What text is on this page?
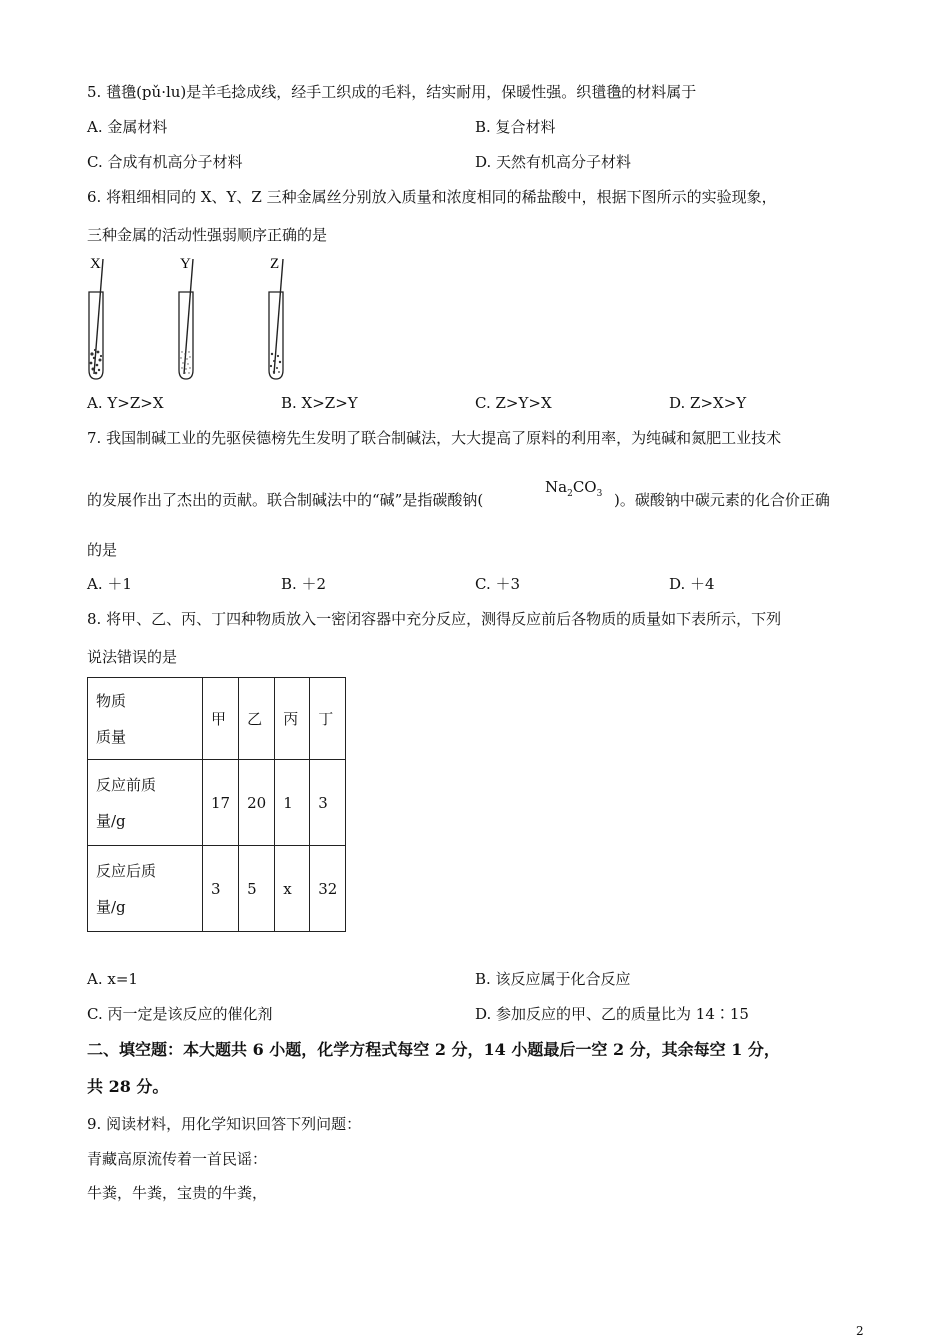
5. 氆氇(pǔ·lu)是羊毛捻成线，经手工织成的毛料，结实耐用，保暖性强。织氆氇的材料属于
A. 金属材料	B. 复合材料
C. 合成有机高分子材料	D. 天然有机高分子材料
6. 将粗细相同的 X、Y、Z 三种金属丝分别放入质量和浓度相同的稀盐酸中，根据下图所示的实验现象，
三种金属的活动性强弱顺序正确的是
X	Y	Z
A. Y>Z>X	B. X>Z>Y	C. Z>Y>X	D. Z>X>Y
7. 我国制碱工业的先驱侯德榜先生发明了联合制碱法，大大提高了原料的利用率，为纯碱和氮肥工业技术
的发展作出了杰出的贡献。联合制碱法中的“碱”是指碳酸钠(
$Na_2CO_3$ )。碳酸钠中碳元素的化合价正确
的是
A. ＋1	B. ＋2	C. ＋3	D. ＋4
8. 将甲、乙、丙、丁四种物质放入一密闭容器中充分反应，测得反应前后各物质的质量如下表所示，下列
说法错误的是
物质
质量	甲	乙	丙	丁

反应前质
量/g	17	20	1	3

反应后质
量/g	3	5	x	32
A. x=1	B. 该反应属于化合反应
C. 丙一定是该反应的催化剂	D. 参加反应的甲、乙的质量比为 14∶15
二、填空题：本大题共 6 小题，化学方程式每空 2 分，14 小题最后一空 2 分，其余每空 1 分，
共 28 分。
9. 阅读材料，用化学知识回答下列问题：
青藏高原流传着一首民谣：
牛粪，牛粪，宝贵的牛粪，
2
